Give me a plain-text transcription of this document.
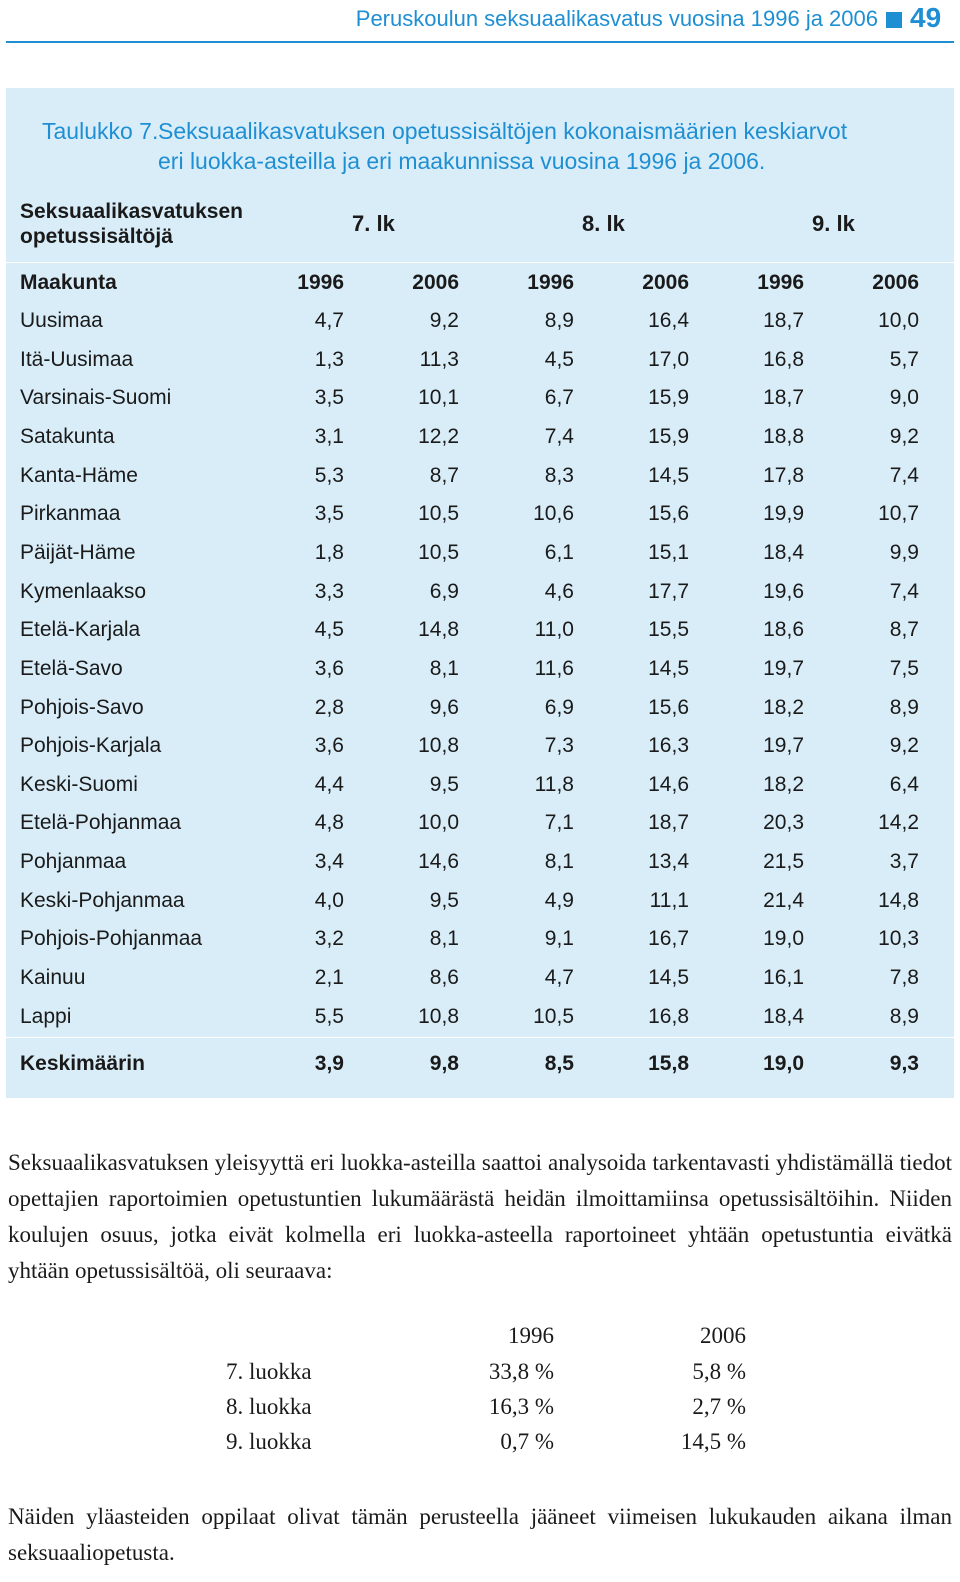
Peruskoulun seksuaalikasvatus vuosina 1996 ja 2006 49
Taulukko 7. Seksuaalikasvatuksen opetussisältöjen kokonaismäärien keskiarvot
eri luokka-asteilla ja eri maakunnissa vuosina 1996 ja 2006.
Seksuaalikasvatuksen
opetussisältöjä
7. lk	8. lk	9. lk
Maakunta	1996	2006	1996	2006	1996	2006
Uusimaa	4,7	9,2	8,9	16,4	18,7	10,0
Itä-Uusimaa	1,3	11,3	4,5	17,0	16,8	5,7
Varsinais-Suomi	3,5	10,1	6,7	15,9	18,7	9,0
Satakunta	3,1	12,2	7,4	15,9	18,8	9,2
Kanta-Häme	5,3	8,7	8,3	14,5	17,8	7,4
Pirkanmaa	3,5	10,5	10,6	15,6	19,9	10,7
Päijät-Häme	1,8	10,5	6,1	15,1	18,4	9,9
Kymenlaakso	3,3	6,9	4,6	17,7	19,6	7,4
Etelä-Karjala	4,5	14,8	11,0	15,5	18,6	8,7
Etelä-Savo	3,6	8,1	11,6	14,5	19,7	7,5
Pohjois-Savo	2,8	9,6	6,9	15,6	18,2	8,9
Pohjois-Karjala	3,6	10,8	7,3	16,3	19,7	9,2
Keski-Suomi	4,4	9,5	11,8	14,6	18,2	6,4
Etelä-Pohjanmaa	4,8	10,0	7,1	18,7	20,3	14,2
Pohjanmaa	3,4	14,6	8,1	13,4	21,5	3,7
Keski-Pohjanmaa	4,0	9,5	4,9	11,1	21,4	14,8
Pohjois-Pohjanmaa	3,2	8,1	9,1	16,7	19,0	10,3
Kainuu	2,1	8,6	4,7	14,5	16,1	7,8
Lappi	5,5	10,8	10,5	16,8	18,4	8,9
Keskimäärin	3,9	9,8	8,5	15,8	19,0	9,3
Seksuaalikasvatuksen yleisyyttä eri luokka-asteilla saattoi analysoida tarkentavasti yhdistämällä tiedot opettajien raportoimien opetustuntien lukumäärästä heidän ilmoittamiinsa opetussisältöihin. Niiden koulujen osuus, jotka eivät kolmella eri luokka-asteella raportoineet yhtään opetustuntia eivätkä yhtään opetussisältöä, oli seuraava:
1996	2006
7. luokka	33,8 %	5,8 %
8. luokka	16,3 %	2,7 %
9. luokka	0,7 %	14,5 %
Näiden yläasteiden oppilaat olivat tämän perusteella jääneet viimeisen lukukauden aikana ilman seksuaaliopetusta.
